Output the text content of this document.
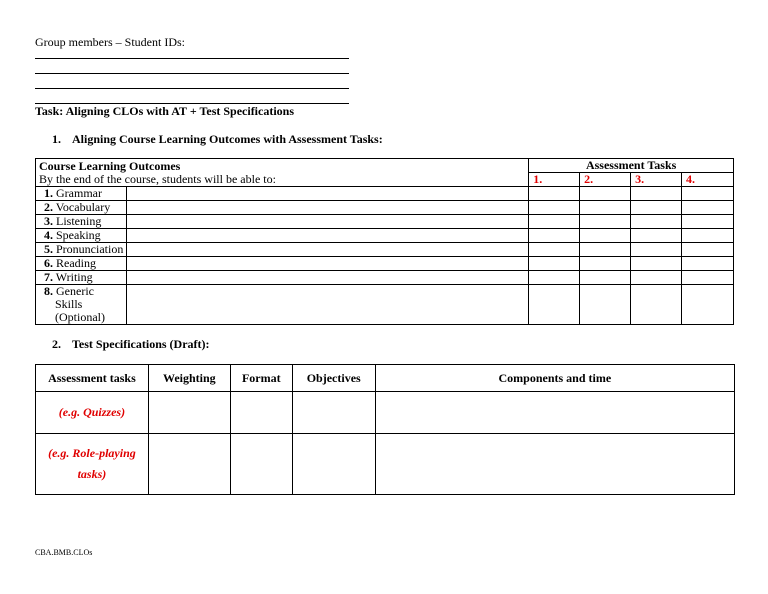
Group members – Student IDs:
Task: Aligning CLOs with AT + Test Specifications
1. Aligning Course Learning Outcomes with Assessment Tasks:
Course Learning Outcomes
By the end of the course, students will be able to:		Assessment Tasks			
		1.	2.	3.	4.
1. Grammar					
2. Vocabulary					
3. Listening					
4. Speaking					
5. Pronunciation					
6. Reading					
7. Writing					

8. Generic
Skills
(Optional)					

2. Test Specifications (Draft):
Assessment tasks	Weighting	Format	Objectives	Components and time
(e.g. Quizzes)				

(e.g. Role-playing
tasks)				

CBA.BMB.CLOs
